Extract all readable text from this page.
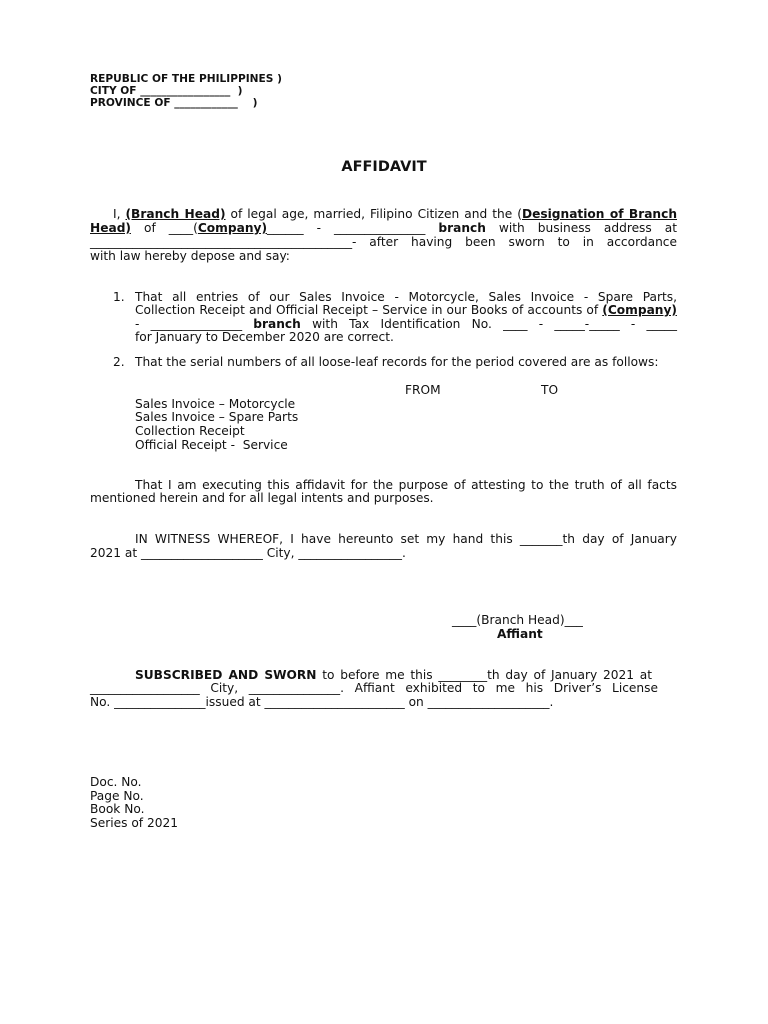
REPUBLIC OF THE PHILIPPINES )
CITY OF _________________  )
PROVINCE OF ____________    )
AFFIDAVIT
I, (Branch Head) of legal age, married, Filipino Citizen and the (Designation of Branch
Head) of ____(Company)______ - _______________ branch with business address at
___________________________________________- after having been sworn to in accordance
with law hereby depose and say:
1. That all entries of our Sales Invoice - Motorcycle, Sales Invoice - Spare Parts,
Collection Receipt and Official Receipt – Service in our Books of accounts of (Company)
- _______________ branch with Tax Identification No. ____ - _____-_____ - _____
for January to December 2020 are correct.
2. That the serial numbers of all loose-leaf records for the period covered are as follows:
FROM	TO
Sales Invoice – Motorcycle
Sales Invoice – Spare Parts
Collection Receipt
Official Receipt -  Service
That I am executing this affidavit for the purpose of attesting to the truth of all facts
mentioned herein and for all legal intents and purposes.
IN WITNESS WHEREOF, I have hereunto set my hand this _______th day of January
2021 at ____________________ City, _________________.
____(Branch Head)___
Affiant
SUBSCRIBED AND SWORN to before me this ________th day of January 2021 at
__________________ City, _______________. Affiant exhibited to me his Driver’s License
No. _______________issued at _______________________ on ____________________.
Doc. No.
Page No.
Book No.
Series of 2021
